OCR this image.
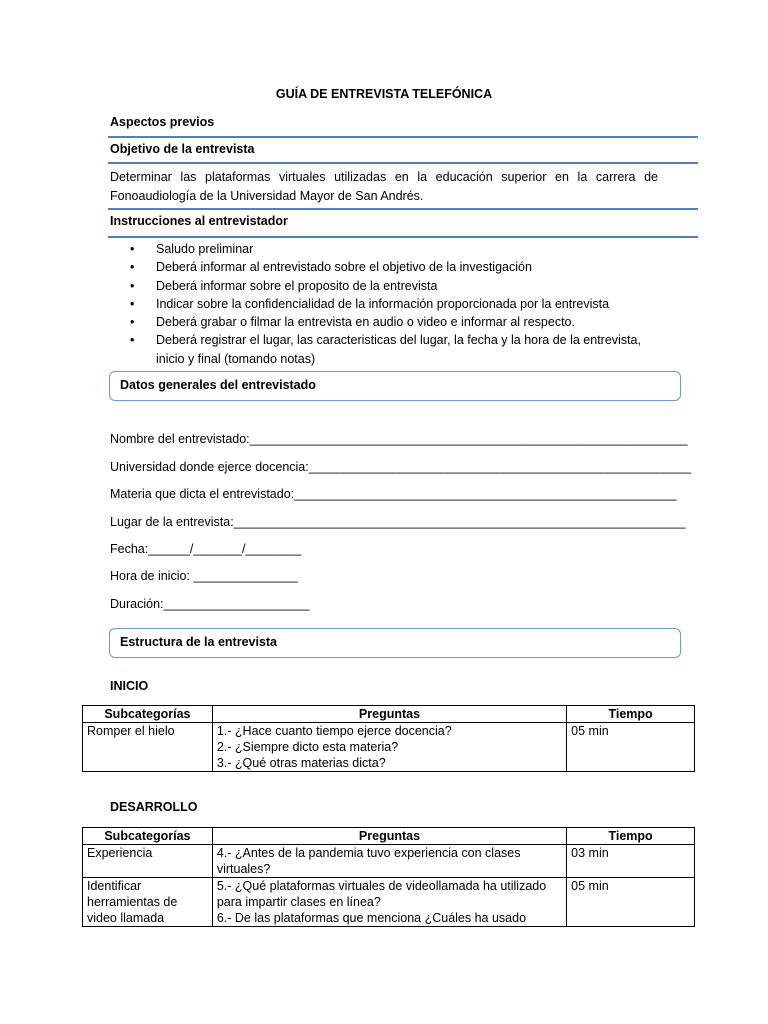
GUÍA DE ENTREVISTA TELEFÓNICA
Aspectos previos
Objetivo de la entrevista
Determinar las plataformas virtuales utilizadas en la educación superior en la carrera de Fonoaudiología de la Universidad Mayor de San Andrés.
Instrucciones al entrevistador
• Saludo preliminar
• Deberá informar al entrevistado sobre el objetivo de la investigación
• Deberá informar sobre el proposito de la entrevista
• Indicar sobre la confidencialidad de la información proporcionada por la entrevista
• Deberá grabar o filmar la entrevista en audio o video e informar al respecto.
• Deberá registrar el lugar, las caracteristicas del lugar, la fecha y la hora de la entrevista, inicio y final (tomando notas)
Datos generales del entrevistado
Nombre del entrevistado:_______________________________________________________________
Universidad donde ejerce docencia:_______________________________________________________
Materia que dicta el entrevistado:_______________________________________________________
Lugar de la entrevista:_________________________________________________________________
Fecha:______/_______/________
Hora de inicio: _______________
Duración:_____________________
Estructura de la entrevista
INICIO
Subcategorías	Preguntas	Tiempo
Romper el hielo	1.- ¿Hace cuanto tiempo ejerce docencia?
2.- ¿Siempre dicto esta materia?
3.- ¿Qué otras materias dicta?	05 min
DESARROLLO
Subcategorías	Preguntas	Tiempo
Experiencia	4.- ¿Antes de la pandemia tuvo experiencia con clases virtuales?	03 min
Identificar herramientas de video llamada	5.- ¿Qué plataformas virtuales de videollamada ha utilizado para impartir clases en línea?
6.- De las plataformas que menciona ¿Cuáles ha usado	05 min
